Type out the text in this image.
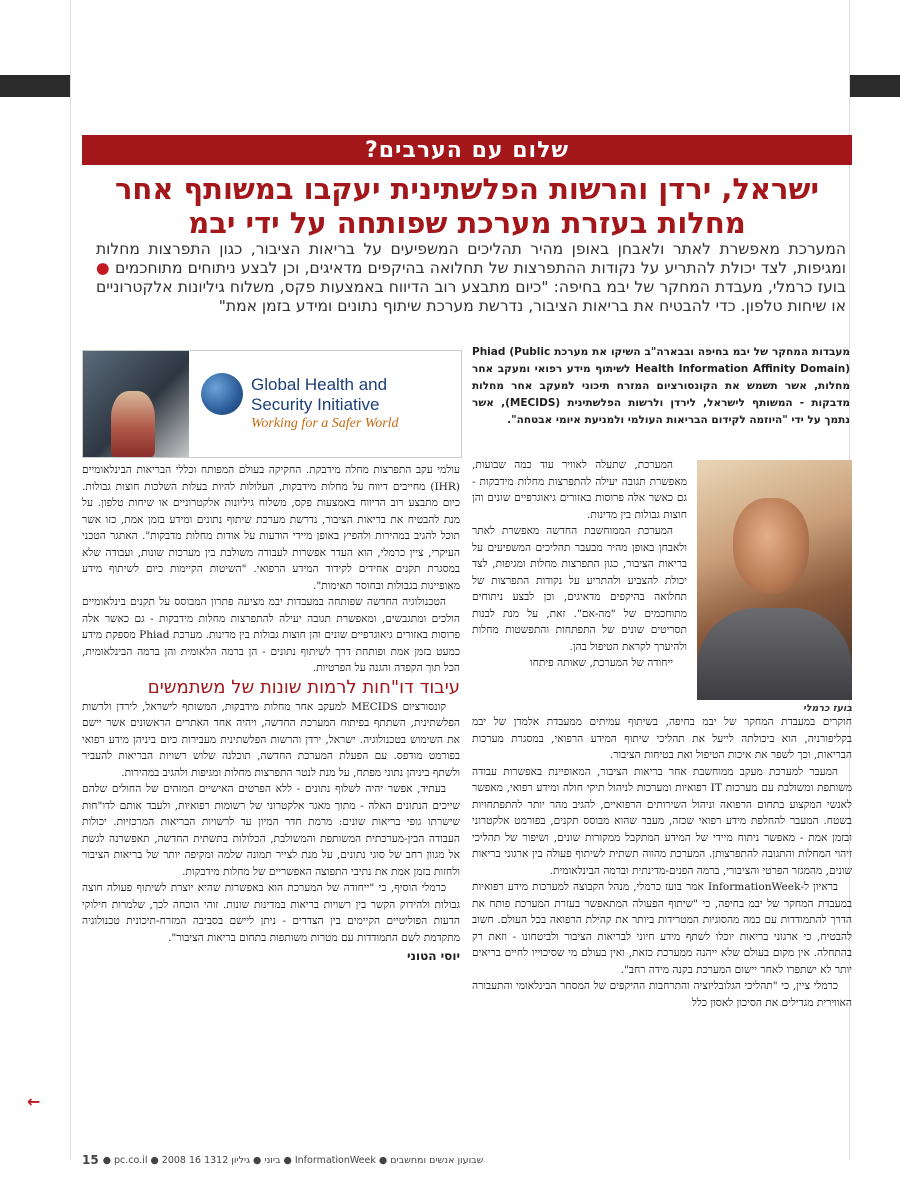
שלום עם הערבים?
ישראל, ירדן והרשות הפלשתינית יעקבו במשותף אחר מחלות בעזרת מערכת שפותחה על ידי יבמ
המערכת מאפשרת לאתר ולאבחן באופן מהיר תהליכים המשפיעים על בריאות הציבור, כגון התפרצות מחלות ומגיפות, לצד יכולת להתריע על נקודות ההתפרצות של תחלואה בהיקפים מדאיגים, וכן לבצע ניתוחים מתוחכמים ● בועז כרמלי, מעבדת המחקר של יבמ בחיפה: "כיום מתבצע רוב הדיווח באמצעות פקס, משלוח גיליונות אלקטרוניים או שיחות טלפון. כדי להבטיח את בריאות הציבור, נדרשת מערכת שיתוף נתונים ומידע בזמן אמת"
מעבדות המחקר של יבמ בחיפה ובבארה"ב השיקו את מערכת Phiad (Public Health Information Affinity Domain) לשיתוף מידע רפואי ומעקב אחר מחלות, אשר תשמש את הקונסורציום המזרח תיכוני למעקב אחר מחלות מדבקות - המשותף לישראל, לירדן ולרשות הפלשתינית (MECIDS), אשר נתמך על ידי "היוזמה לקידום הבריאות העולמי ולמניעת איומי אבטחה".
Global Health and
Security Initiative
Working for a Safer World
בועז כרמלי

המערכת, שתעלה לאוויר עוד כמה שבועות, מאפשרת תגובה יעילה להתפרצות מחלות מידבקות - גם כאשר אלה פרוסות באזורים גיאוגרפיים שונים והן חוצות גבולות בין מדינות.

המערכת הממוחשבת החדשה מאפשרת לאתר ולאבחן באופן מהיר מבעבר תהליכים המשפיעים על בריאות הציבור, כגון התפרצות מחלות ומגיפות, לצד יכולת להצביע ולהתריע על נקודות התפרצות של תחלואה בהיקפים מדאיגים, וכן לבצע ניתוחים מתוחכמים של "מה-אם". זאת, על מנת לבנות תסריטים שונים של התפתחות והתפשטות מחלות ולהיערך לקראת הטיפול בהן.

ייחודה של המערכת, שאותה פיתחו

חוקרים במעבדת המחקר של יבמ בחיפה, בשיתוף עמיתים ממעבדת אלמדן של יבמ בקליפורניה, הוא ביכולתה לייעל את תהליכי שיתוף המידע הרפואי, במסגרת מערכות הבריאות, וכך לשפר את איכות הטיפול ואת בטיחות הציבור.

המעבר למערכת מעקב ממוחשבת אחר בריאות הציבור, המאופיינת באפשרות עבודה משותפת ומשולבת עם מערכות IT רפואיות ומערכות לניהול תיקי חולה ומידע רפואי, מאפשר לאנשי המקצוע בתחום הרפואה וניהול השירותים הרפואיים, להגיב מהר יותר להתפתחויות בשטח. המעבר להחלפת מידע רפואי שכזה, מעבר שהוא מבוסס תקנים, בפורמט אלקטרוני ובזמן אמת - מאפשר ניתוח מיידי של המידע המתקבל ממקורות שונים, ושיפור של תהליכי זיהוי המחלות והתגובה להתפרצותן. המערכת מהווה תשתית לשיתוף פעולה בין ארגוני בריאות שונים, מהמגזר הפרטי והציבורי, ברמה הפנים-מדינתית וברמה הבינלאומית.

בראיון ל-InformationWeek אמר בועז כרמלי, מנהל הקבוצה למערכות מידע רפואיות במעבדת המחקר של יבמ בחיפה, כי "שיתוף הפעולה המתאפשר בעזרת המערכת פותח את הדרך להתמודדות עם כמה מהסוגיות המטרידות ביותר את קהילת הרפואה בכל העולם. חשוב להבטיח, כי ארגוני בריאות יוכלו לשתף מידע חיוני לבריאות הציבור ולביטחונו - וזאת רק בהתחלה. אין מקום בעולם שלא ייהנה ממערכת כזאת, ואין בעולם מי שסיכוייו לחיים בריאים יותר לא ישתפרו לאחר יישום המערכת בקנה מידה רחב".

כרמלי ציין, כי "תהליכי הגלובליזציה והתרחבות ההיקפים של המסחר הבינלאומי והתעבורה האווירית מגדילים את הסיכון לאסון כלל

עולמי עקב התפרצות מחלה מידבקת. החקיקה בעולם המפותח וכללי הבריאות הבינלאומיים (IHR) מחייבים דיווח על מחלות מידבקות, העלולות להיות בעלות השלכות חוצות גבולות. כיום מתבצע רוב הדיווח באמצעות פקס, משלוח גיליונות אלקטרוניים או שיחות טלפון. על מנת להבטיח את בריאות הציבור, נדרשת מערכת שיתוף נתונים ומידע בזמן אמת, כזו אשר תוכל להגיב במהירות ולהפיץ באופן מיידי הודעות על אודות מחלות מדבקות". האתגר הטכני העיקרי, ציין כרמלי, הוא העדר אפשרות לעבודה משולבת בין מערכות שונות, ועבודה שלא במסגרת תקנים אחידים לקידוד המידע הרפואי. "השיטות הקיימות כיום לשיתוף מידע מאופיינות בגבולות ובחוסר תאימות".

הטכנולוגיה החדשה שפותחה במעבדות יבמ מציעה פתרון המבוסס על תקנים בינלאומיים הולכים ומתגבשים, ומאפשרת תגובה יעילה להתפרצות מחלות מידבקות - גם כאשר אלה פרוסות באזורים גיאוגרפיים שונים והן חוצות גבולות בין מדינות. מערכת Phiad מספקת מידע כמעט בזמן אמת ופותחת דרך לשיתוף נתונים - הן ברמה הלאומית והן ברמה הבינלאומית, הכל תוך הקפדה והגנה על הפרטיות.

עיבוד דו"חות לרמות שונות של משתמשים

קונסורציום MECIDS למעקב אחר מחלות מידבקות, המשותף לישראל, לירדן ולרשות הפלשתינית, השתתף בפיתוח המערכת החדשה, ויהיה אחד האתרים הראשונים אשר יישם את השימוש בטכנולוגיה. ישראל, ירדן והרשות הפלשתינית מעבירות כיום ביניהן מידע רפואי בפורמט מודפס. עם הפעלת המערכת החדשה, תוכלנה שלוש רשויות הבריאות להעביר ולשתף ביניהן נתוני מפתח, על מנת לנטר התפרצות מחלות ומגיפות ולהגיב במהירות.

בעתיד, אפשר יהיה לשלוף נתונים - ללא הפרטים האישיים המזהים של החולים שלהם שייכים הנתונים האלה - מתוך מאגר אלקטרוני של רשומות רפואיות, ולעבד אותם לדו"חות שישרתו גופי בריאות שונים: מרמת חדר המיון עד לרשויות הבריאות המרכזיות. יכולות העבודה הבין-מערכתית המשותפת והמשולבת, הכלולות בתשתית החדשה, תאפשרנה לגשת אל מגוון רחב של סוגי נתונים, על מנת לצייר תמונה שלמה ומקיפה יותר של בריאות הציבור ולחזות בזמן אמת את נתיבי התפוצה האפשריים של מחלות מידבקות.

כרמלי הוסיף, כי "ייחודה של המערכת הוא באפשרות שהיא יוצרת לשיתוף פעולה חוצה גבולות ולהידוק הקשר בין רשויות בריאות במדינות שונות. זוהי הוכחה לכך, שלמרות חילוקי הדעות הפוליטיים הקיימים בין הצדדים - ניתן ליישם בסביבה המזרח-תיכונית טכנולוגיה מתקדמת לשם התמודדות עם מטרות משותפות בתחום בריאות הציבור".

יוסי הטוני

←
15 ● pc.co.il ● 2008 16 ביוני ● גיליון 1312 ● InformationWeek ● שבועון אנשים ומחשבים
